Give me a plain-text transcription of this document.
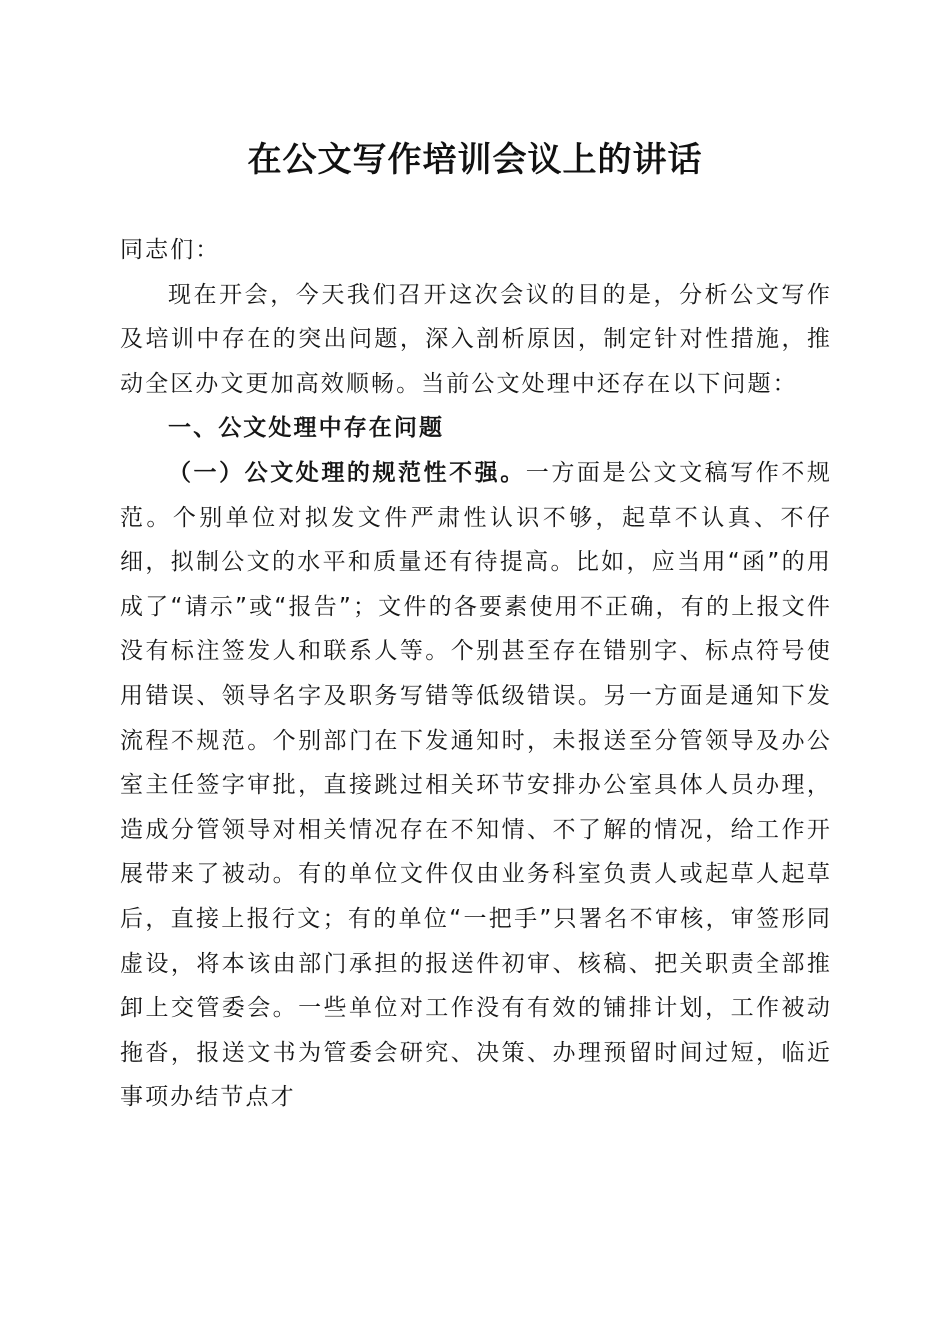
在公文写作培训会议上的讲话

同志们：

现在开会，今天我们召开这次会议的目的是，分析公文写作及培训中存在的突出问题，深入剖析原因，制定针对性措施，推动全区办文更加高效顺畅。当前公文处理中还存在以下问题：

一、公文处理中存在问题

（一）公文处理的规范性不强。一方面是公文文稿写作不规范。个别单位对拟发文件严肃性认识不够，起草不认真、不仔细，拟制公文的水平和质量还有待提高。比如，应当用“函”的用成了“请示”或“报告”；文件的各要素使用不正确，有的上报文件没有标注签发人和联系人等。个别甚至存在错别字、标点符号使用错误、领导名字及职务写错等低级错误。另一方面是通知下发流程不规范。个别部门在下发通知时，未报送至分管领导及办公室主任签字审批，直接跳过相关环节安排办公室具体人员办理，造成分管领导对相关情况存在不知情、不了解的情况，给工作开展带来了被动。有的单位文件仅由业务科室负责人或起草人起草后，直接上报行文；有的单位“一把手”只署名不审核，审签形同虚设，将本该由部门承担的报送件初审、核稿、把关职责全部推卸上交管委会。一些单位对工作没有有效的铺排计划，工作被动拖沓，报送文书为管委会研究、决策、办理预留时间过短，临近事项办结节点才
